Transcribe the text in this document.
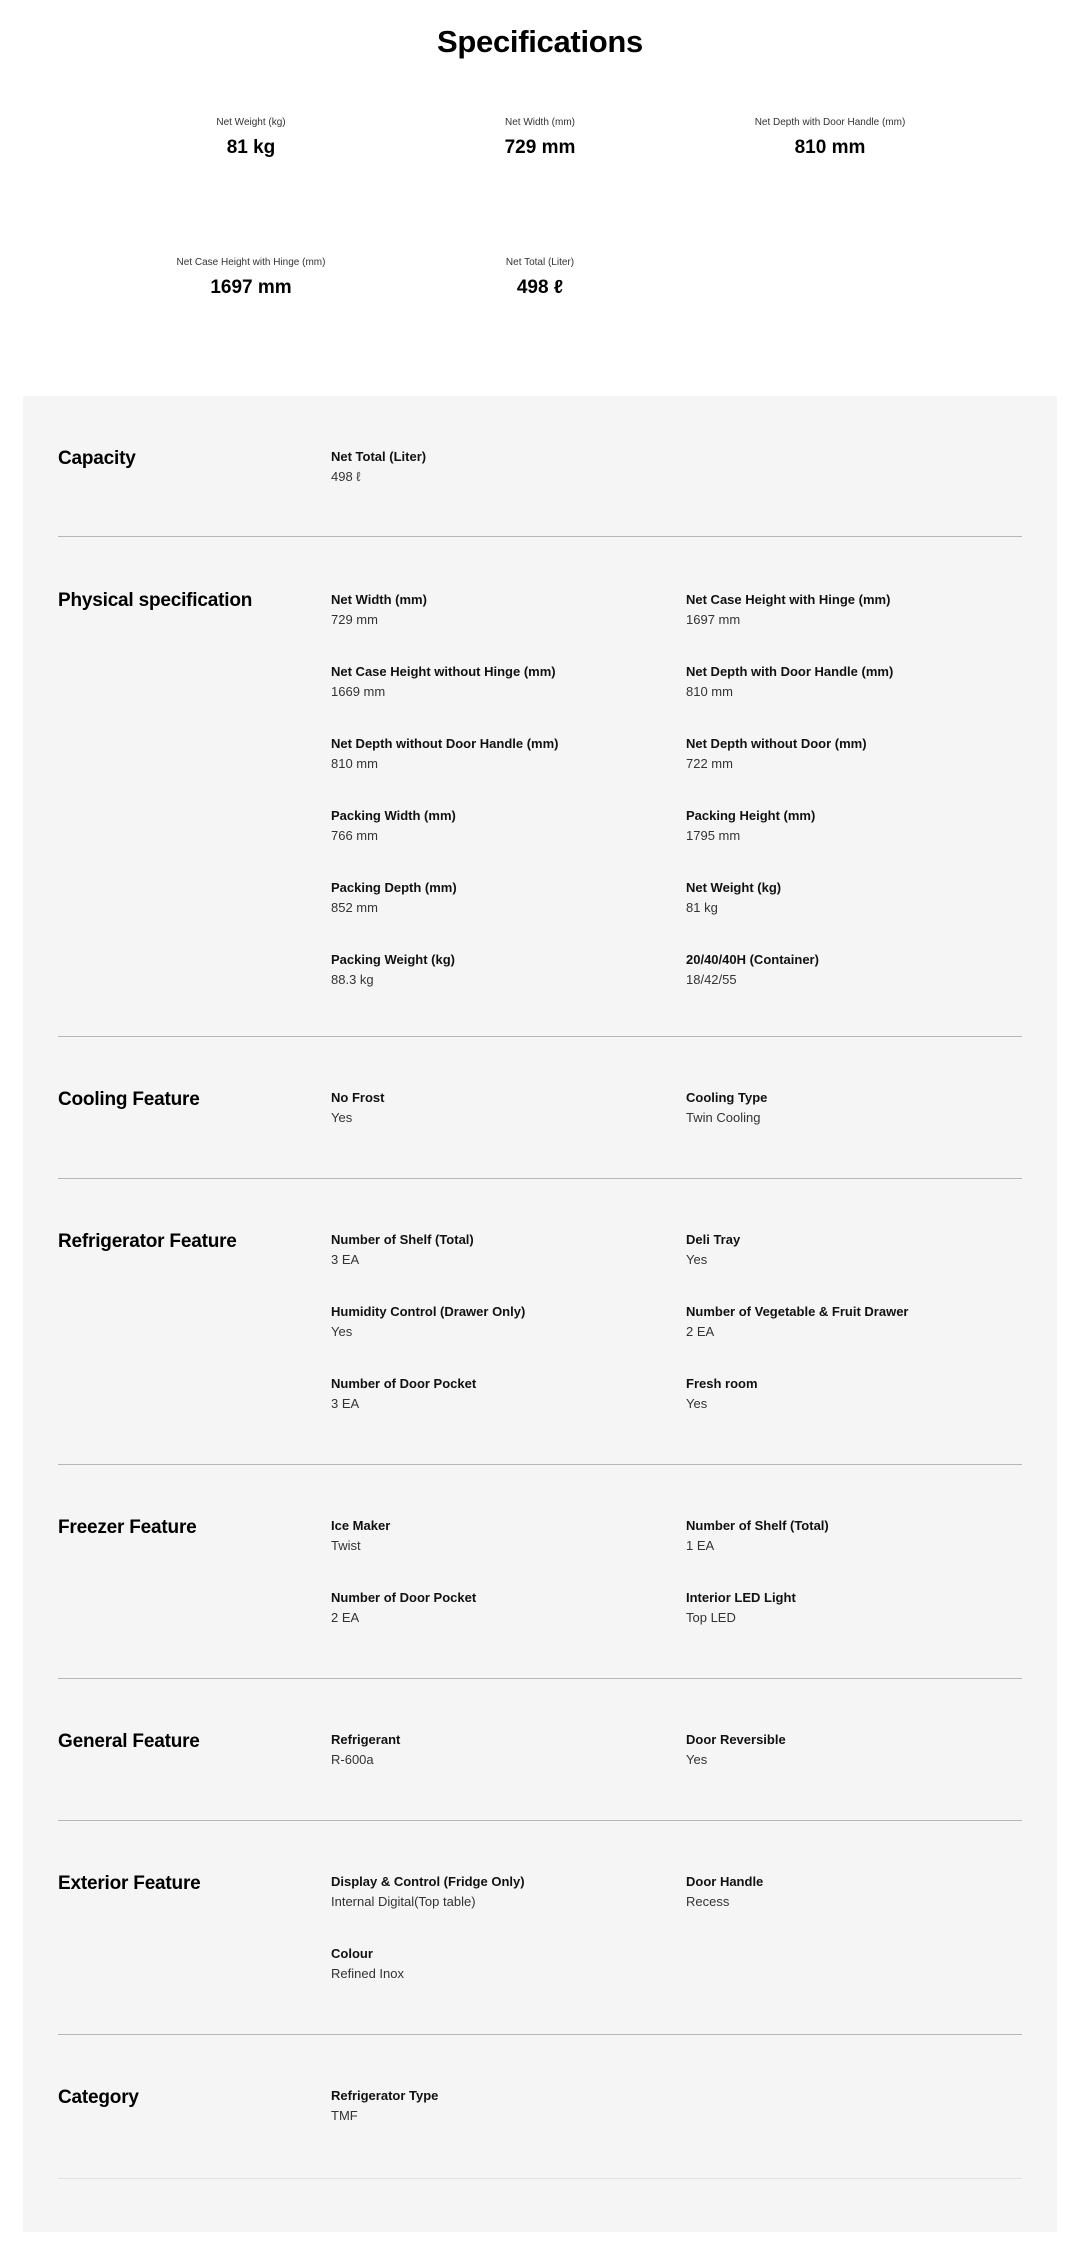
Specifications
Net Weight (kg)
81 kg
Net Width (mm)
729 mm
Net Depth with Door Handle (mm)
810 mm
Net Case Height with Hinge (mm)
1697 mm
Net Total (Liter)
498 ℓ
Capacity	Net Total (Liter)
498 ℓ
Physical specification	Net Width (mm)
729 mm
Net Case Height with Hinge (mm)
1697 mm
Net Case Height without Hinge (mm)
1669 mm
Net Depth with Door Handle (mm)
810 mm
Net Depth without Door Handle (mm)
810 mm
Net Depth without Door (mm)
722 mm
Packing Width (mm)
766 mm
Packing Height (mm)
1795 mm
Packing Depth (mm)
852 mm
Net Weight (kg)
81 kg
Packing Weight (kg)
88.3 kg
20/40/40H (Container)
18/42/55
Cooling Feature	No Frost
Yes
Cooling Type
Twin Cooling
Refrigerator Feature	Number of Shelf (Total)
3 EA
Deli Tray
Yes
Humidity Control (Drawer Only)
Yes
Number of Vegetable & Fruit Drawer
2 EA
Number of Door Pocket
3 EA
Fresh room
Yes
Freezer Feature	Ice Maker
Twist
Number of Shelf (Total)
1 EA
Number of Door Pocket
2 EA
Interior LED Light
Top LED
General Feature	Refrigerant
R-600a
Door Reversible
Yes
Exterior Feature	Display & Control (Fridge Only)
Internal Digital(Top table)
Door Handle
Recess
Colour
Refined Inox
Category	Refrigerator Type
TMF
